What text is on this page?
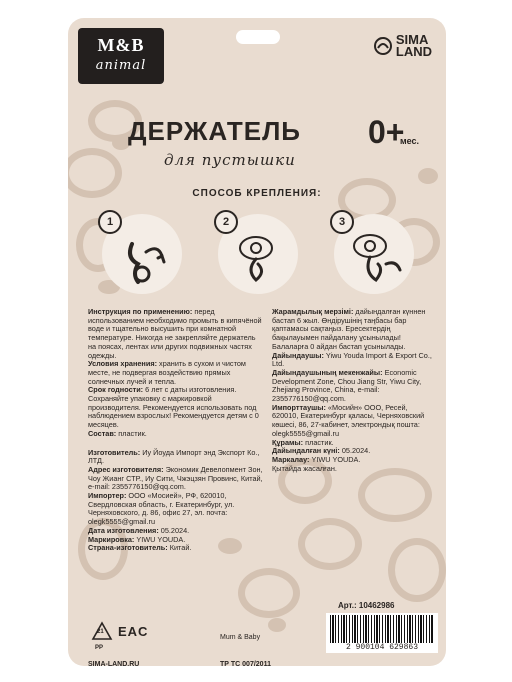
M&B
animal
SIMA
LAND
ДЕРЖАТЕЛЬ
для пустышки
0+
мес.
СПОСОБ КРЕПЛЕНИЯ:
1	2	3

Инструкция по применению: перед использованием необходимо промыть в кипячёной воде и тщательно высушить при комнатной температуре. Никогда не закрепляйте держатель на поясах, лентах или других подвижных частях одежды.

Условия хранения: хранить в сухом и чистом месте, не подвергая воздействию прямых солнечных лучей и тепла.

Срок годности: 6 лет с даты изготовления. Сохраняйте упаковку с маркировкой производителя. Рекомендуется использовать под наблюдением взрослых! Рекомендуется детям с 0 месяцев.

Состав: пластик.

Изготовитель: Иу Йоуда Импорт энд Экспорт Ко., ЛТД.

Адрес изготовителя: Экономик Девелопмент Зон, Чоу Жианг СТР., Иу Сити, Чжэцзян Провинс, Китай, e-mail: 2355776150@qq.com.

Импортер: ООО «Мосией», РФ, 620010, Свердловская область, г. Екатеринбург, ул. Черняховского, д. 86, офис 27, эл. почта: olegk5555@gmail.ru

Дата изготовления: 05.2024.

Маркировка: YIWU YOUDA.

Страна-изготовитель: Китай.

Жарамдылық мерзімі: дайындалған күннен бастап 6 жыл. Өндірушінің таңбасы бар қаптамасы сақтаңыз. Ересектердің бақылауымен пайдалану ұсынылады! Балаларға 0 айдан бастап ұсынылады.

Дайындаушы: Yiwu Youda Import & Export Co., Ltd.

Дайындаушының мекенжайы: Economic Development Zone, Chou Jiang Str, Yiwu City, Zhejiang Province, China, e-mail: 2355776150@qq.com.

Импорттаушы: «Мосийн» ООО, Ресей, 620010, Екатеринбург қаласы, Черняховский көшесі, 86, 27-кабинет, электрондық пошта: olegk5555@gmail.ru

Құрамы: пластик.

Дайындалған күні: 05.2024.

Маркалау: YIWU YOUDA.

Қытайда жасалған.

Арт.: 10462986
2 900104 629863
21
PP
EAC
SIMA-LAND.RU
Mum & Baby
ТР ТС 007/2011
